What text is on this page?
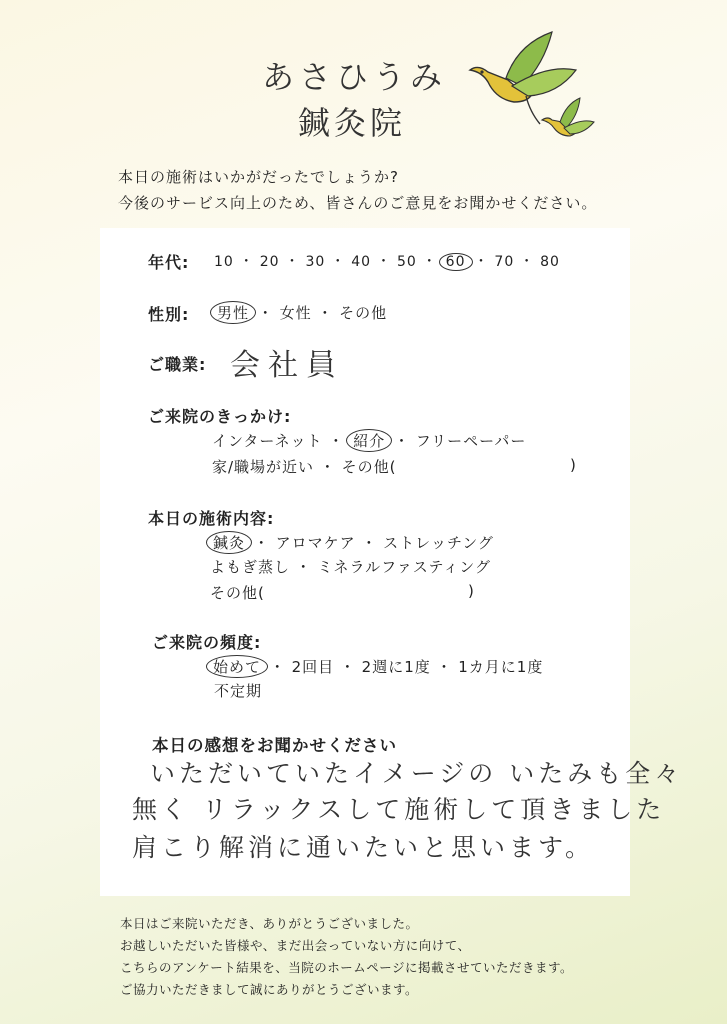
あさひうみ
鍼灸院
本日の施術はいかがだったでしょうか?
今後のサービス向上のため、皆さんのご意見をお聞かせください。
年代: 10 ・ 20 ・ 30 ・ 40 ・ 50 ・ 60 ・ 70 ・ 80
性別: 男性 ・ 女性 ・ その他
ご職業: 会社員
ご来院のきっかけ:
インターネット ・ 紹介 ・ フリーペーパー
家/職場が近い ・ その他(	)
本日の施術内容:
鍼灸 ・ アロマケア ・ ストレッチング
よもぎ蒸し ・ ミネラルファスティング
その他(	)
ご来院の頻度:
始めて ・ 2回目 ・ 2週に1度 ・ 1カ月に1度
不定期
本日の感想をお聞かせください
いただいていたイメージの いたみも全々
無く リラックスして施術して頂きました
肩こり解消に通いたいと思います。
本日はご来院いただき、ありがとうございました。
お越しいただいた皆様や、まだ出会っていない方に向けて、
こちらのアンケート結果を、当院のホームページに掲載させていただきます。
ご協力いただきまして誠にありがとうございます。
